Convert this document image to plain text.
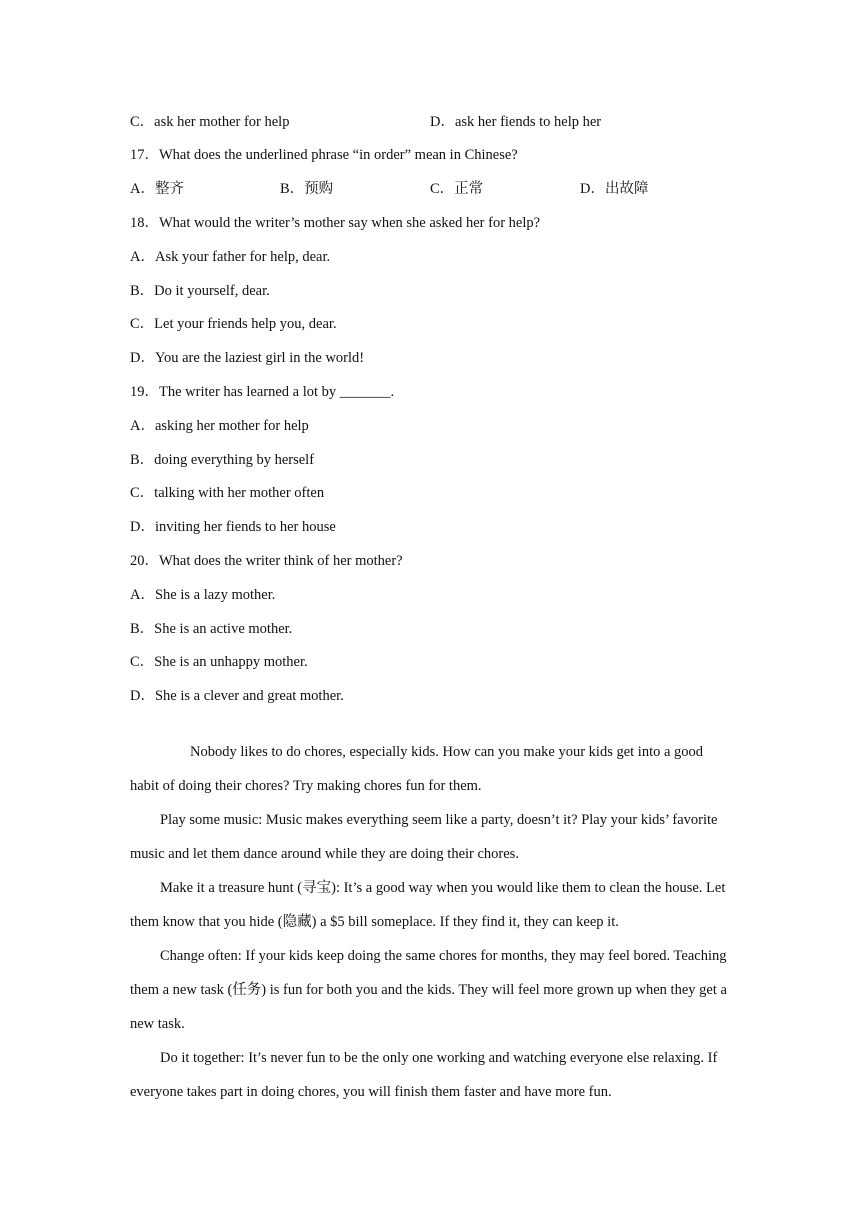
C．ask her mother for help	D．ask her fiends to help her
17．What does the underlined phrase “in order” mean in Chinese?
A．整齐	B．预购	C．正常	D．出故障
18．What would the writer’s mother say when she asked her for help?
A．Ask your father for help, dear.
B．Do it yourself, dear.
C．Let your friends help you, dear.
D．You are the laziest girl in the world!
19．The writer has learned a lot by _______.
A．asking her mother for help
B．doing everything by herself
C．talking with her mother often
D．inviting her fiends to her house
20．What does the writer think of her mother?
A．She is a lazy mother.
B．She is an active mother.
C．She is an unhappy mother.
D．She is a clever and great mother.

Nobody likes to do chores, especially kids. How can you make your kids get into a good habit of doing their chores? Try making chores fun for them.

Play some music: Music makes everything seem like a party, doesn’t it? Play your kids’ favorite music and let them dance around while they are doing their chores.

Make it a treasure hunt (寻宝): It’s a good way when you would like them to clean the house. Let them know that you hide (隐藏) a $5 bill someplace. If they find it, they can keep it.

Change often: If your kids keep doing the same chores for months, they may feel bored. Teaching them a new task (任务) is fun for both you and the kids. They will feel more grown up when they get a new task.

Do it together: It’s never fun to be the only one working and watching everyone else relaxing. If everyone takes part in doing chores, you will finish them faster and have more fun.
